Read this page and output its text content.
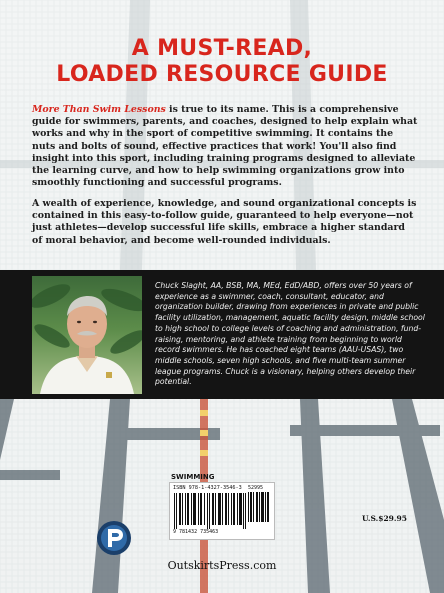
A MUST-READ,
LOADED RESOURCE GUIDE

More Than Swim Lessons is true to its name. This is a comprehensive guide for swimmers, parents, and coaches, designed to help explain what works and why in the sport of competitive swimming. It contains the nuts and bolts of sound, effective practices that work! You'll also find insight into this sport, including training programs designed to alleviate the learning curve, and how to help swimming organizations grow into smoothly functioning and successful programs.

A wealth of experience, knowledge, and sound organizational concepts is contained in this easy-to-follow guide, guaranteed to help everyone—not just athletes—develop successful life skills, embrace a higher standard of moral behavior, and become well-rounded individuals.

Chuck Slaght, AA, BSB, MA, MEd, EdD/ABD, offers over 50 years of experience as a swimmer, coach, consultant, educator, and organization builder, drawing from experiences in private and public facility utilization, management, aquatic facility design, middle school to high school to college levels of coaching and administration, fund-raising, mentoring, and athlete training from beginning to world record swimmers. He has coached eight teams (AAU-USAS), two middle schools, seven high schools, and five multi-team summer league programs. Chuck is a visionary, helping others develop their potential.

SWIMMING
ISBN 978-1-4327-3546-3 52995
9 781432 735463
U.S.$29.95
OutskirtsPress.com
